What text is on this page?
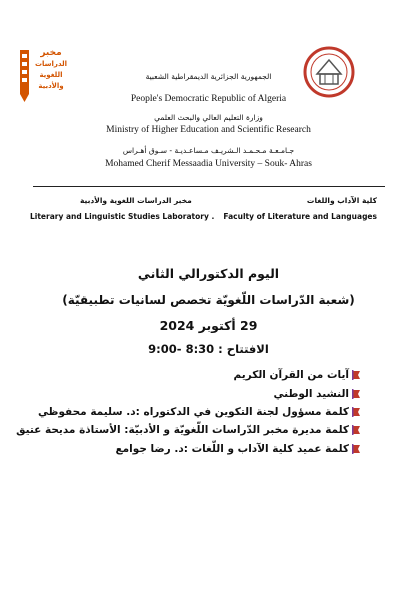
مخبر
الدراسات
اللغوية
والأدبية
الجمهورية الجزائرية الديمقراطية الشعبية
People's Democratic Republic of Algeria
وزارة التعليم العالي والبحث العلمي
Ministry of Higher Education and Scientific Research
جـامـعـة مـحـمـد الـشريـف مـساعـديـة - سـوق أهـراس
Mohamed Cherif Messaadia University – Souk- Ahras
مخبر الدراسات اللغوية والأدبية
Literary and Linguistic Studies Laboratory .
كلية الآداب واللغات
Faculty of Literature and Languages
اليوم الدكتورالي الثاني
(شعبة الدّراسات اللّغويّة تخصص لسانيات تطبيقيّة)
29 أكتوبر 2024
الافتتاح : 8:30 -9:00
آيات من القرآن الكريم
النشيد الوطني
كلمة مسؤول لجنة التكوين في الدكتوراه :د. سليمة محفوظي
كلمة مديرة مخبر الدّراسات اللّغويّة و الأدبيّة: الأستاذة مديحة عتيق
كلمة عميد كلية الآداب و اللّغات :د. رضا جوامع
